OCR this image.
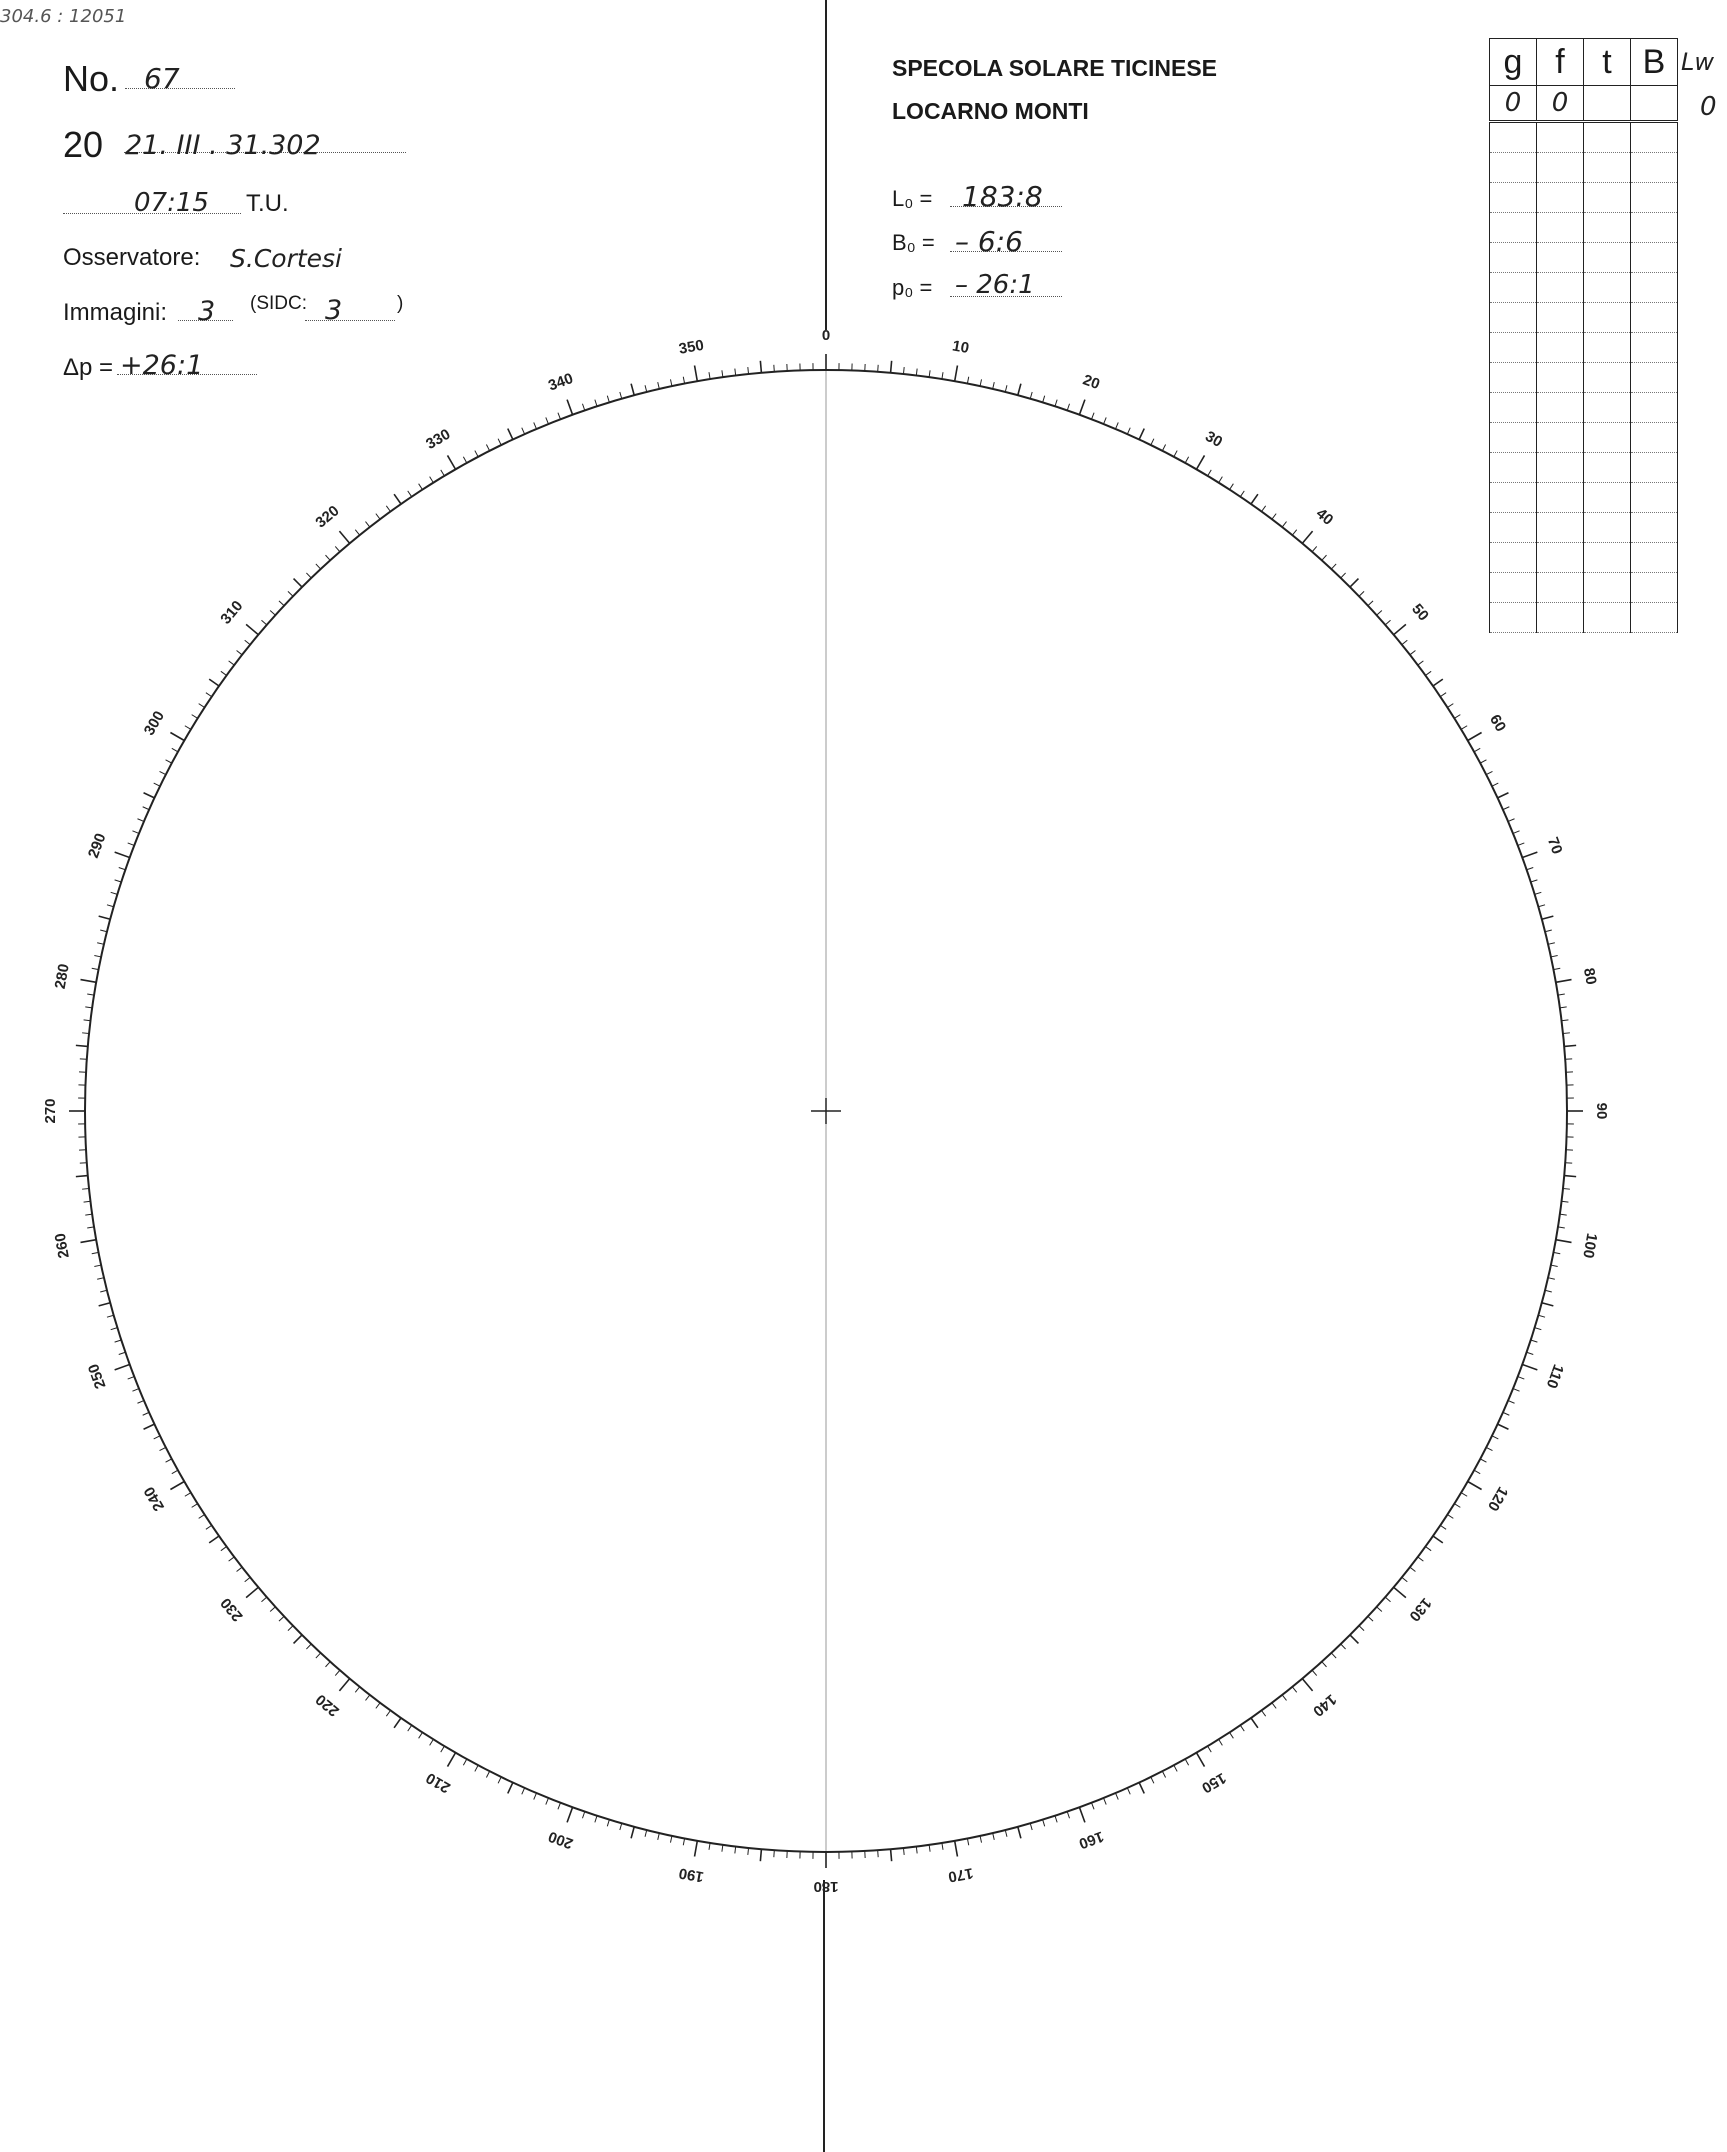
304.6 : 12051
No. 67
20 21. III . 31.302
07:15 T.U.
Osservatore: S.Cortesi
Immagini: 3 (SIDC: 3	)
Δp = +26:1
SPECOLA SOLARE TICINESE
LOCARNO MONTI
L₀ = 183:8
B₀ = – 6:6
p₀ = – 26:1
g	f	t	B
0	0		

Lw
0
0
10
20
30
40
50
60
70
80
90
100
110
120
130
140
150
160
170
180
190
200
210
220
230
240
250
260
270
280
290
300
310
320
330
340
350
